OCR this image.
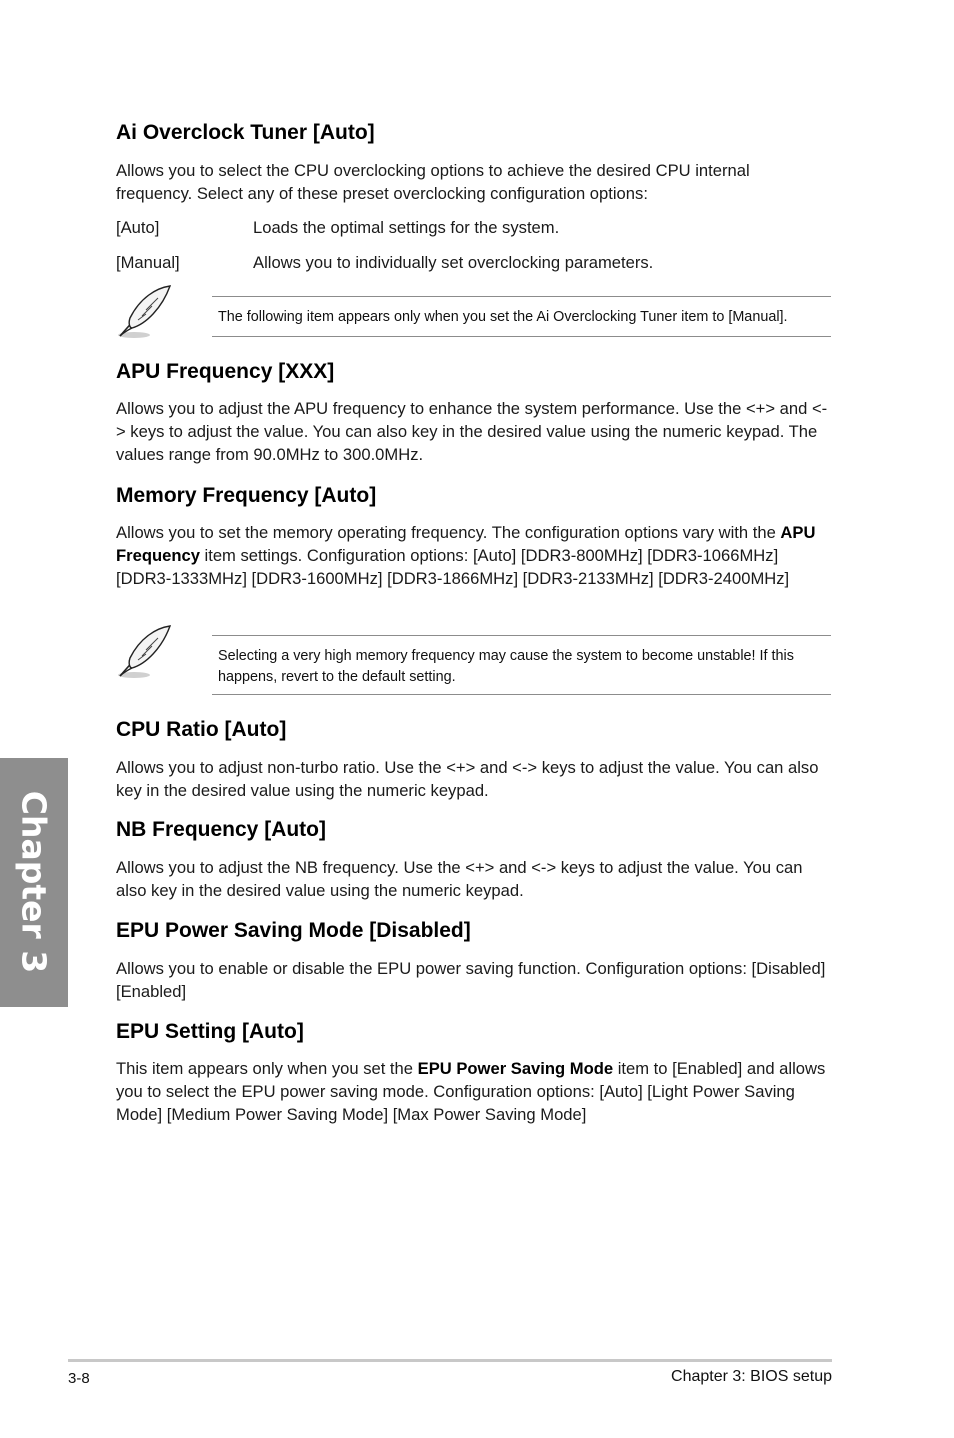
Ai Overclock Tuner [Auto]

Allows you to select the CPU overclocking options to achieve the desired CPU internal frequency. Select any of these preset overclocking configuration options:

[Auto]	Loads the optimal settings for the system.
[Manual]	Allows you to individually set overclocking parameters.
The following item appears only when you set the Ai Overclocking Tuner item to [Manual].
APU Frequency [XXX]

Allows you to adjust the APU frequency to enhance the system performance. Use the <+> and <-> keys to adjust the value. You can also key in the desired value using the numeric keypad. The values range from 90.0MHz to 300.0MHz.

Memory Frequency [Auto]

Allows you to set the memory operating frequency. The configuration options vary with the APU Frequency item settings. Configuration options: [Auto] [DDR3-800MHz] [DDR3-1066MHz] [DDR3-1333MHz] [DDR3-1600MHz] [DDR3-1866MHz] [DDR3-2133MHz] [DDR3-2400MHz]

Selecting a very high memory frequency may cause the system to become unstable! If this happens, revert to the default setting.
CPU Ratio [Auto]

Allows you to adjust non-turbo ratio. Use the <+> and <-> keys to adjust the value. You can also key in the desired value using the numeric keypad.

NB Frequency [Auto]

Allows you to adjust the NB frequency. Use the <+> and <-> keys to adjust the value. You can also key in the desired value using the numeric keypad.

EPU Power Saving Mode [Disabled]

Allows you to enable or disable the EPU power saving function. Configuration options: [Disabled] [Enabled]

EPU Setting [Auto]

This item appears only when you set the EPU Power Saving Mode item to [Enabled] and allows you to select the EPU power saving mode. Configuration options: [Auto] [Light Power Saving Mode] [Medium Power Saving Mode] [Max Power Saving Mode]

Chapter 3
3-8	Chapter 3: BIOS setup
